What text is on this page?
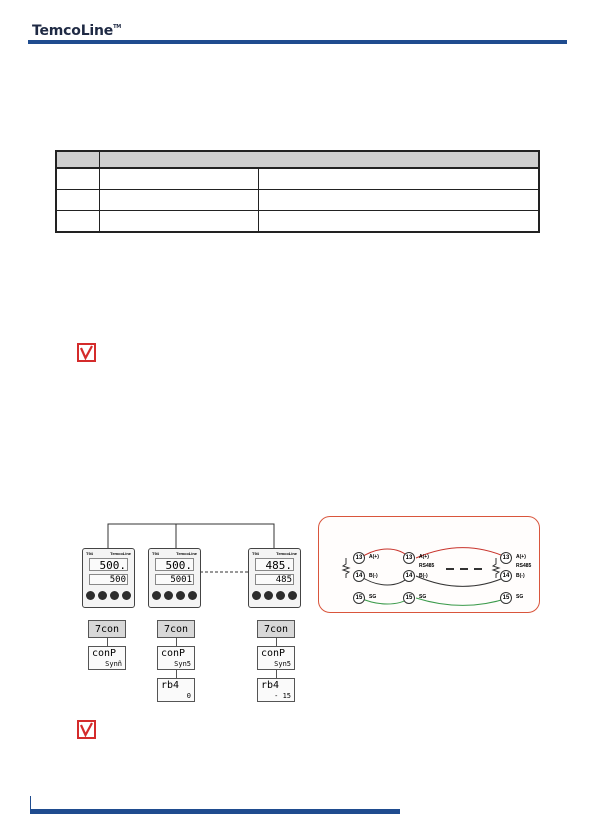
TemcoLine™

T94	TemcoLine
500.
500
T94	TemcoLine
500.
5001
T94	TemcoLine
485.
485
7con
conP
Synñ
7con
conP
Syn5
rb4
0
7con
conP
Syn5
rb4
- 15
13
14
15
A(+)
B(-)
SG
13
14
15
A(+)
RS485
B(-)
SG
13
14
15
A(+)
RS485
B(-)
SG
